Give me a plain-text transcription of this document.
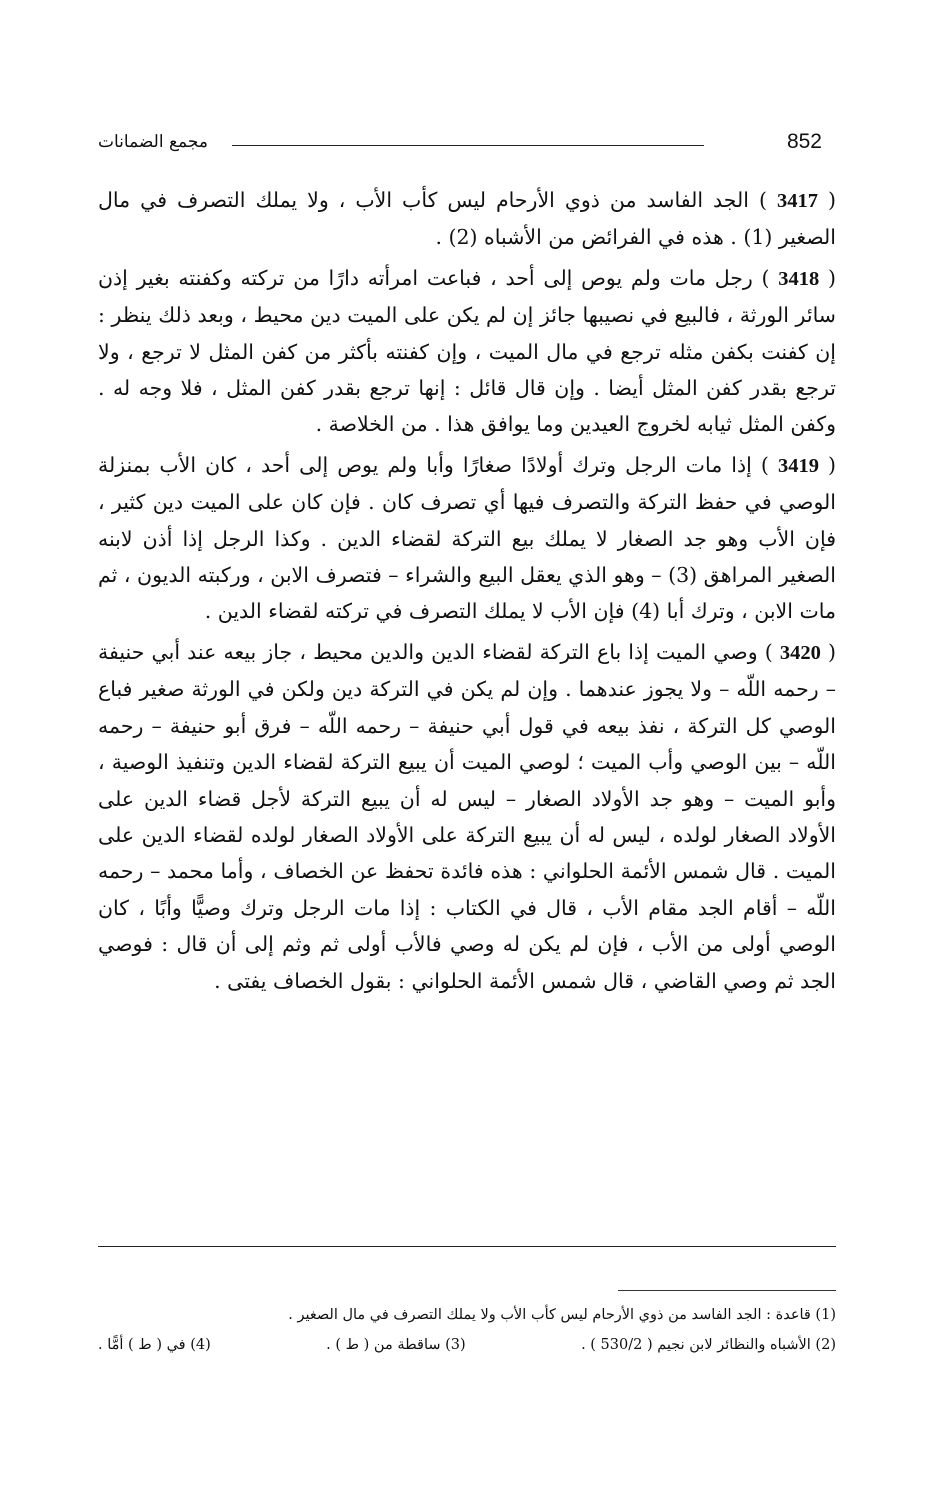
852
مجمع الضمانات

( 3417 ) الجد الفاسد من ذوي الأرحام ليس كأب الأب ، ولا يملك التصرف في مال الصغير (1) . هذه في الفرائض من الأشباه (2) .

( 3418 ) رجل مات ولم يوص إلى أحد ، فباعت امرأته دارًا من تركته وكفنته بغير إذن سائر الورثة ، فالبيع في نصيبها جائز إن لم يكن على الميت دين محيط ، وبعد ذلك ينظر : إن كفنت بكفن مثله ترجع في مال الميت ، وإن كفنته بأكثر من كفن المثل لا ترجع ، ولا ترجع بقدر كفن المثل أيضا . وإن قال قائل : إنها ترجع بقدر كفن المثل ، فلا وجه له . وكفن المثل ثيابه لخروج العيدين وما يوافق هذا . من الخلاصة .

( 3419 ) إذا مات الرجل وترك أولادًا صغارًا وأبا ولم يوص إلى أحد ، كان الأب بمنزلة الوصي في حفظ التركة والتصرف فيها أي تصرف كان . فإن كان على الميت دين كثير ، فإن الأب وهو جد الصغار لا يملك بيع التركة لقضاء الدين . وكذا الرجل إذا أذن لابنه الصغير المراهق (3) – وهو الذي يعقل البيع والشراء – فتصرف الابن ، وركبته الديون ، ثم مات الابن ، وترك أبا (4) فإن الأب لا يملك التصرف في تركته لقضاء الدين .

( 3420 ) وصي الميت إذا باع التركة لقضاء الدين والدين محيط ، جاز بيعه عند أبي حنيفة – رحمه اللّه – ولا يجوز عندهما . وإن لم يكن في التركة دين ولكن في الورثة صغير فباع الوصي كل التركة ، نفذ بيعه في قول أبي حنيفة – رحمه اللّه – فرق أبو حنيفة – رحمه اللّه – بين الوصي وأب الميت ؛ لوصي الميت أن يبيع التركة لقضاء الدين وتنفيذ الوصية ، وأبو الميت – وهو جد الأولاد الصغار – ليس له أن يبيع التركة لأجل قضاء الدين على الأولاد الصغار لولده ، ليس له أن يبيع التركة على الأولاد الصغار لولده لقضاء الدين على الميت . قال شمس الأئمة الحلواني : هذه فائدة تحفظ عن الخصاف ، وأما محمد – رحمه اللّه – أقام الجد مقام الأب ، قال في الكتاب : إذا مات الرجل وترك وصيًّا وأبًا ، كان الوصي أولى من الأب ، فإن لم يكن له وصي فالأب أولى ثم وثم إلى أن قال : فوصي الجد ثم وصي القاضي ، قال شمس الأئمة الحلواني : بقول الخصاف يفتى .

(1) قاعدة : الجد الفاسد من ذوي الأرحام ليس كأب الأب ولا يملك التصرف في مال الصغير .
(2) الأشباه والنظائر لابن نجيم ( 530/2 ) .
(3) ساقطة من ( ط ) .
(4) في ( ط ) أمًّا .
